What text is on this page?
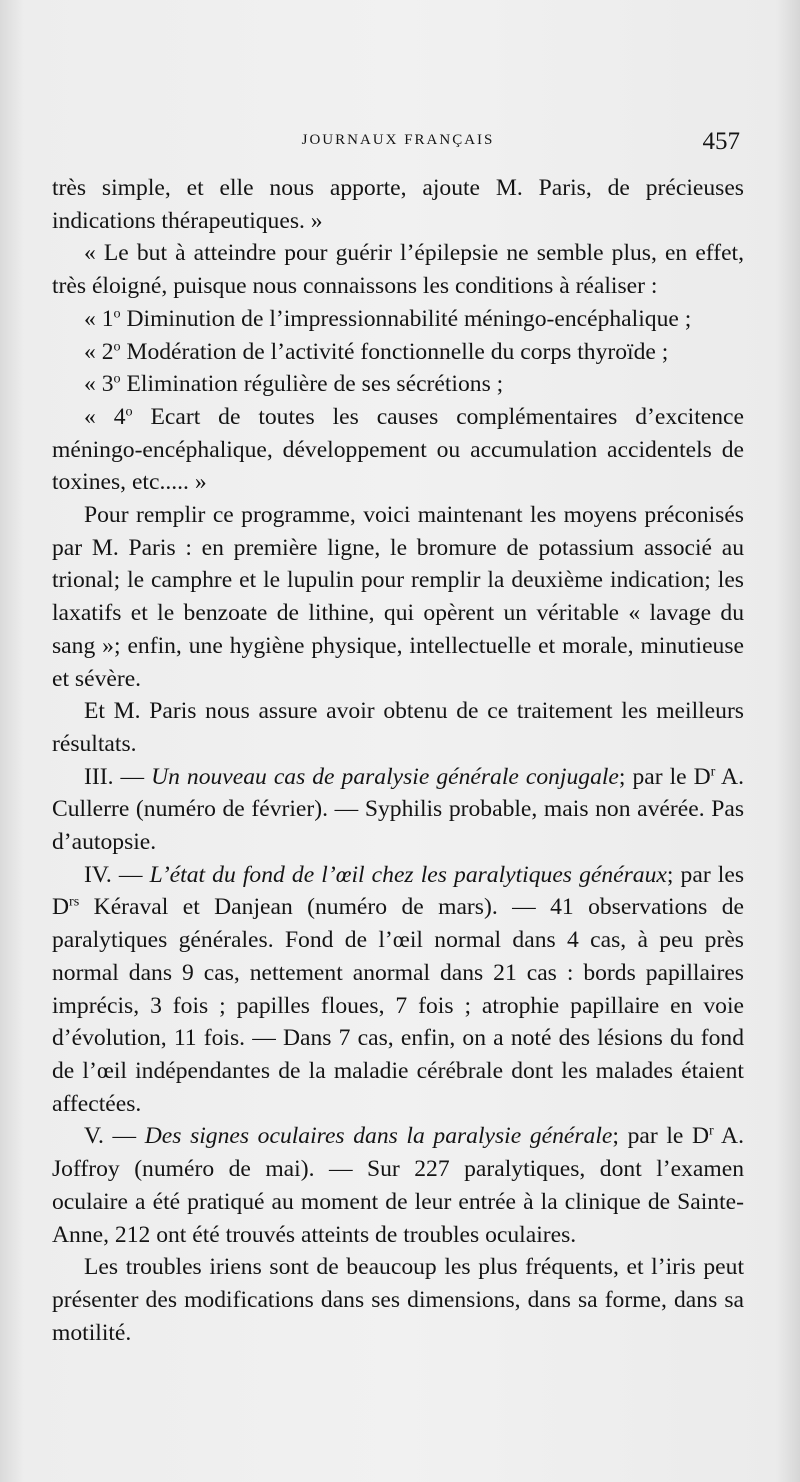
JOURNAUX FRANÇAIS	457

très simple, et elle nous apporte, ajoute M. Paris, de précieuses indications thérapeutiques. »

« Le but à atteindre pour guérir l’épilepsie ne semble plus, en effet, très éloigné, puisque nous connaissons les conditions à réaliser :

« 1$^o$ Diminution de l’impressionnabilité méningo-encéphalique ;

« 2$^o$ Modération de l’activité fonctionnelle du corps thyroïde ;

« 3$^o$ Elimination régulière de ses sécrétions ;

« 4$^o$ Ecart de toutes les causes complémentaires d’excitence méningo-encéphalique, développement ou accumulation accidentels de toxines, etc..... »

Pour remplir ce programme, voici maintenant les moyens préconisés par M. Paris : en première ligne, le bromure de potassium associé au trional; le camphre et le lupulin pour remplir la deuxième indication; les laxatifs et le benzoate de lithine, qui opèrent un véritable « lavage du sang »; enfin, une hygiène physique, intellectuelle et morale, minutieuse et sévère.

Et M. Paris nous assure avoir obtenu de ce traitement les meilleurs résultats.

III. — Un nouveau cas de paralysie générale conjugale; par le $D^r$ A. Cullerre (numéro de février). — Syphilis probable, mais non avérée. Pas d’autopsie.

IV. — L’état du fond de l’œil chez les paralytiques généraux; par les $D^{rs}$ Kéraval et Danjean (numéro de mars). — 41 observations de paralytiques générales. Fond de l’œil normal dans 4 cas, à peu près normal dans 9 cas, nettement anormal dans 21 cas : bords papillaires imprécis, 3 fois ; papilles floues, 7 fois ; atrophie papillaire en voie d’évolution, 11 fois. — Dans 7 cas, enfin, on a noté des lésions du fond de l’œil indépendantes de la maladie cérébrale dont les malades étaient affectées.

V. — Des signes oculaires dans la paralysie générale; par le $D^r$ A. Joffroy (numéro de mai). — Sur 227 paralytiques, dont l’examen oculaire a été pratiqué au moment de leur entrée à la clinique de Sainte-Anne, 212 ont été trouvés atteints de troubles oculaires.

Les troubles iriens sont de beaucoup les plus fréquents, et l’iris peut présenter des modifications dans ses dimensions, dans sa forme, dans sa motilité.
